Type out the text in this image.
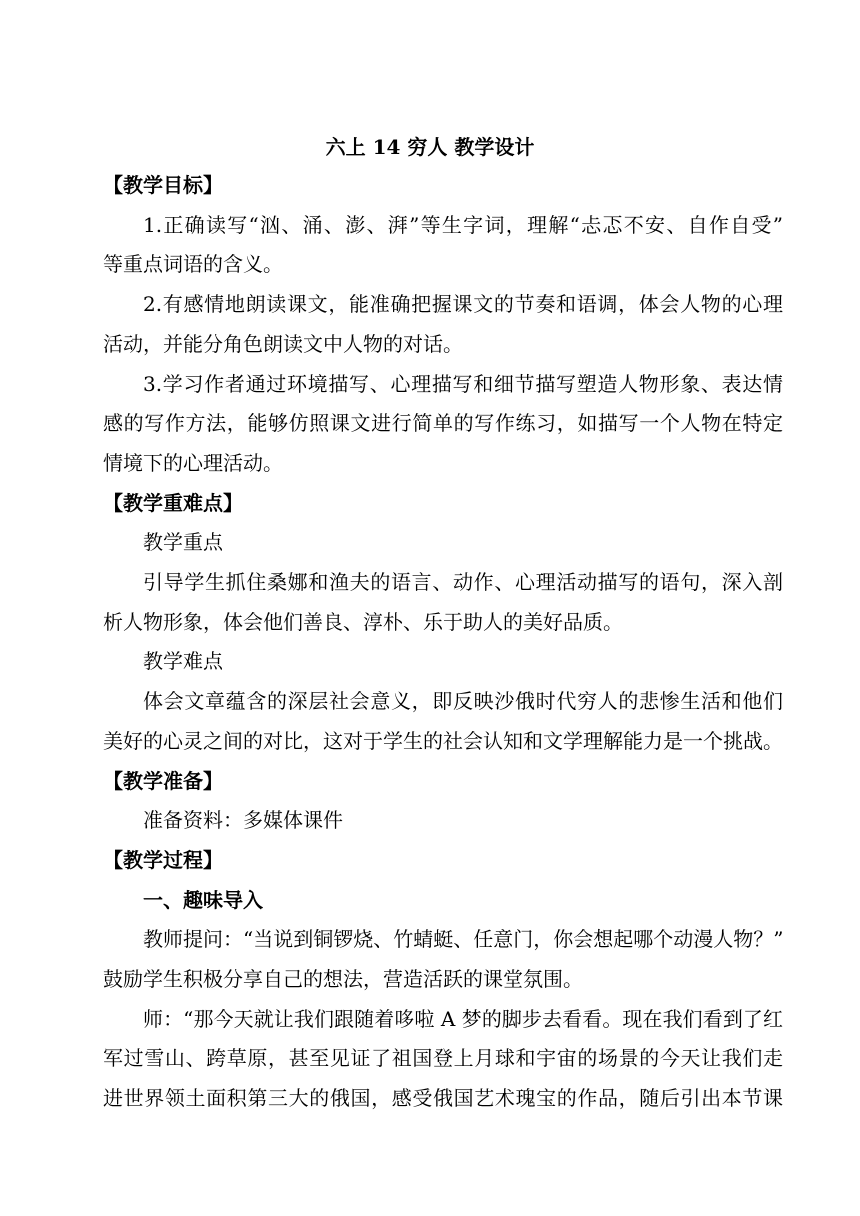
六上 14 穷人 教学设计
【教学目标】
1.正确读写“汹、涌、澎、湃”等生字词，理解“忐忑不安、自作自受”
等重点词语的含义。
2.有感情地朗读课文，能准确把握课文的节奏和语调，体会人物的心理
活动，并能分角色朗读文中人物的对话。
3.学习作者通过环境描写、心理描写和细节描写塑造人物形象、表达情
感的写作方法，能够仿照课文进行简单的写作练习，如描写一个人物在特定
情境下的心理活动。
【教学重难点】
教学重点
引导学生抓住桑娜和渔夫的语言、动作、心理活动描写的语句，深入剖
析人物形象，体会他们善良、淳朴、乐于助人的美好品质。
教学难点
体会文章蕴含的深层社会意义，即反映沙俄时代穷人的悲惨生活和他们
美好的心灵之间的对比，这对于学生的社会认知和文学理解能力是一个挑战。
【教学准备】
准备资料：多媒体课件
【教学过程】
一、趣味导入
教师提问：“当说到铜锣烧、竹蜻蜓、任意门，你会想起哪个动漫人物？”
鼓励学生积极分享自己的想法，营造活跃的课堂氛围。
师：“那今天就让我们跟随着哆啦 A 梦的脚步去看看。现在我们看到了红
军过雪山、跨草原，甚至见证了祖国登上月球和宇宙的场景的今天让我们走
进世界领土面积第三大的俄国，感受俄国艺术瑰宝的作品，随后引出本节课
